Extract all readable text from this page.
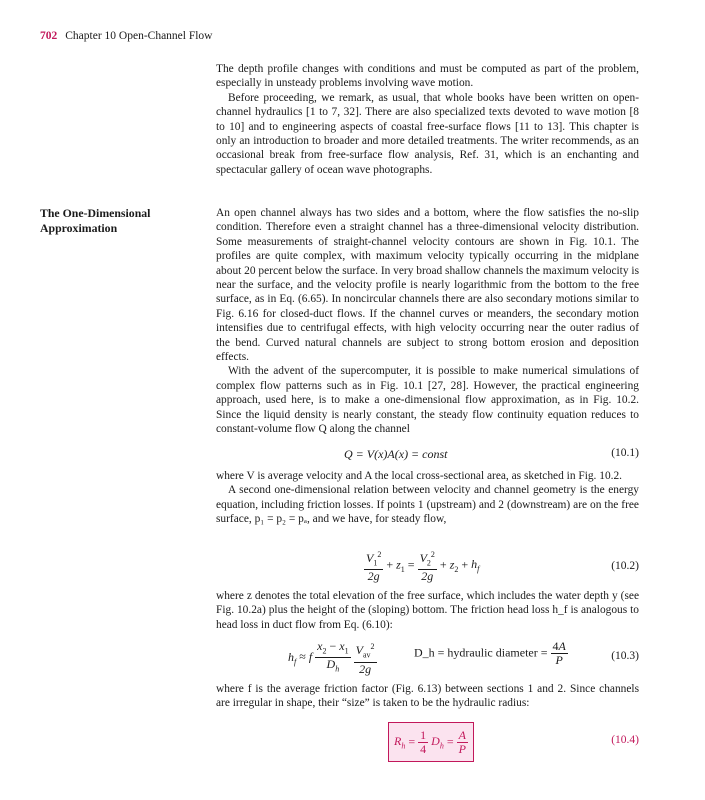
702 Chapter 10 Open-Channel Flow

The depth profile changes with conditions and must be computed as part of the problem, especially in unsteady problems involving wave motion.

Before proceeding, we remark, as usual, that whole books have been written on open-channel hydraulics [1 to 7, 32]. There are also specialized texts devoted to wave motion [8 to 10] and to engineering aspects of coastal free-surface flows [11 to 13]. This chapter is only an introduction to broader and more detailed treatments. The writer recommends, as an occasional break from free-surface flow analysis, Ref. 31, which is an enchanting and spectacular gallery of ocean wave photographs.

The One-Dimensional Approximation

An open channel always has two sides and a bottom, where the flow satisfies the no-slip condition. Therefore even a straight channel has a three-dimensional velocity distribution. Some measurements of straight-channel velocity contours are shown in Fig. 10.1. The profiles are quite complex, with maximum velocity typically occurring in the midplane about 20 percent below the surface. In very broad shallow channels the maximum velocity is near the surface, and the velocity profile is nearly logarithmic from the bottom to the free surface, as in Eq. (6.65). In noncircular channels there are also secondary motions similar to Fig. 6.16 for closed-duct flows. If the channel curves or meanders, the secondary motion intensifies due to centrifugal effects, with high velocity occurring near the outer radius of the bend. Curved natural channels are subject to strong bottom erosion and deposition effects.

With the advent of the supercomputer, it is possible to make numerical simulations of complex flow patterns such as in Fig. 10.1 [27, 28]. However, the practical engineering approach, used here, is to make a one-dimensional flow approximation, as in Fig. 10.2. Since the liquid density is nearly constant, the steady flow continuity equation reduces to constant-volume flow Q along the channel

Q = V(x)A(x) = const	(10.1)

where V is average velocity and A the local cross-sectional area, as sketched in Fig. 10.2.

A second one-dimensional relation between velocity and channel geometry is the energy equation, including friction losses. If points 1 (upstream) and 2 (downstream) are on the free surface, p₁ = p₂ = pₐ, and we have, for steady flow,

$\frac{V_1^2}{2g} + z_1 = \frac{V_2^2}{2g} + z_2 + h_f$	(10.2)

where z denotes the total elevation of the free surface, which includes the water depth y (see Fig. 10.2a) plus the height of the (sloping) bottom. The friction head loss h_f is analogous to head loss in duct flow from Eq. (6.10):

$h_f \approx f \frac{x_2 - x_1}{D_h}$
$\frac{V_{av}^2}{2g}$	D_h = hydraulic diameter = $\frac{4A}{P}$	(10.3)

where f is the average friction factor (Fig. 6.13) between sections 1 and 2. Since channels are irregular in shape, their “size” is taken to be the hydraulic radius:

$R_h = \frac{1}{4} D_h = \frac{A}{P}$	(10.4)
